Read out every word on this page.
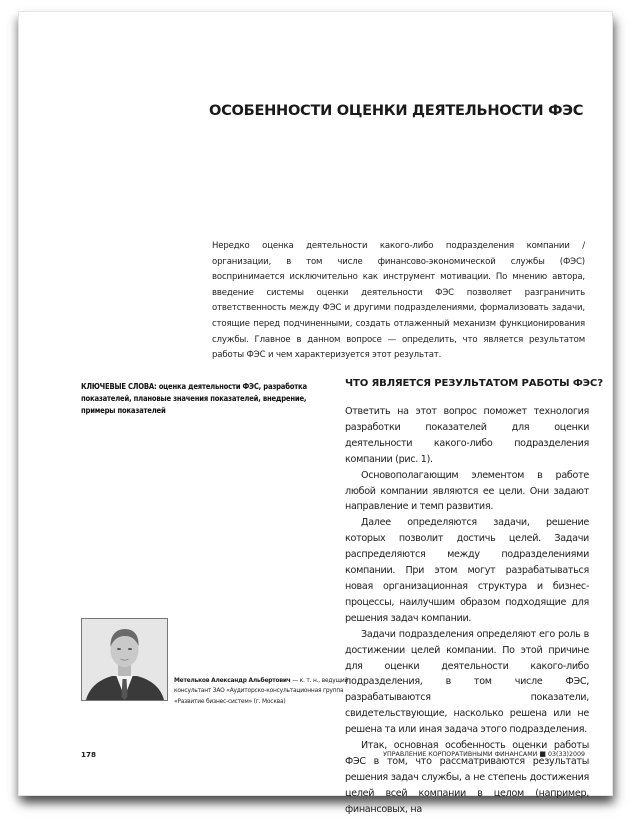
ОСОБЕННОСТИ ОЦЕНКИ ДЕЯТЕЛЬНОСТИ ФЭС

Нередко оценка деятельности какого-либо подразделения компании / организации, в том числе финансово-экономической службы (ФЭС) воспринимается исключительно как инструмент мотивации. По мнению автора, введение системы оценки деятельности ФЭС позволяет разграничить ответственность между ФЭС и другими подразделениями, формализовать задачи, стоящие перед подчиненными, создать отлаженный механизм функционирования службы. Главное в данном вопросе — определить, что является результатом работы ФЭС и чем характеризуется этот результат.

КЛЮЧЕВЫЕ СЛОВА: оценка деятельности ФЭС, разработка показателей, плановые значения показателей, внедрение, примеры показателей

ЧТО ЯВЛЯЕТСЯ РЕЗУЛЬТАТОМ РАБОТЫ ФЭС?

Ответить на этот вопрос поможет технология разработки показателей для оценки деятельности какого-либо подразделения компании (рис. 1).

Основополагающим элементом в работе любой компании являются ее цели. Они задают направление и темп развития.

Далее определяются задачи, решение которых позволит достичь целей. Задачи распределяются между подразделениями компании. При этом могут разрабатываться новая организационная структура и бизнес-процессы, наилучшим образом подходящие для решения задач компании.

Задачи подразделения определяют его роль в достижении целей компании. По этой причине для оценки деятельности какого-либо подразделения, в том числе ФЭС, разрабатываются показатели, свидетельствующие, насколько решена или не решена та или иная задача этого подразделения.

Итак, основная особенность оценки работы ФЭС в том, что рассматриваются результаты решения задач службы, а не степень достижения целей всей компании в целом (например, финансовых, на

Метельков Александр Альбертович — к. т. н., ведущий консультант ЗАО «Аудиторско-консультационная группа «Развитие бизнес-систем» (г. Москва)

178	УПРАВЛЕНИЕ КОРПОРАТИВНЫМИ ФИНАНСАМИ ■ 03(33)2009
